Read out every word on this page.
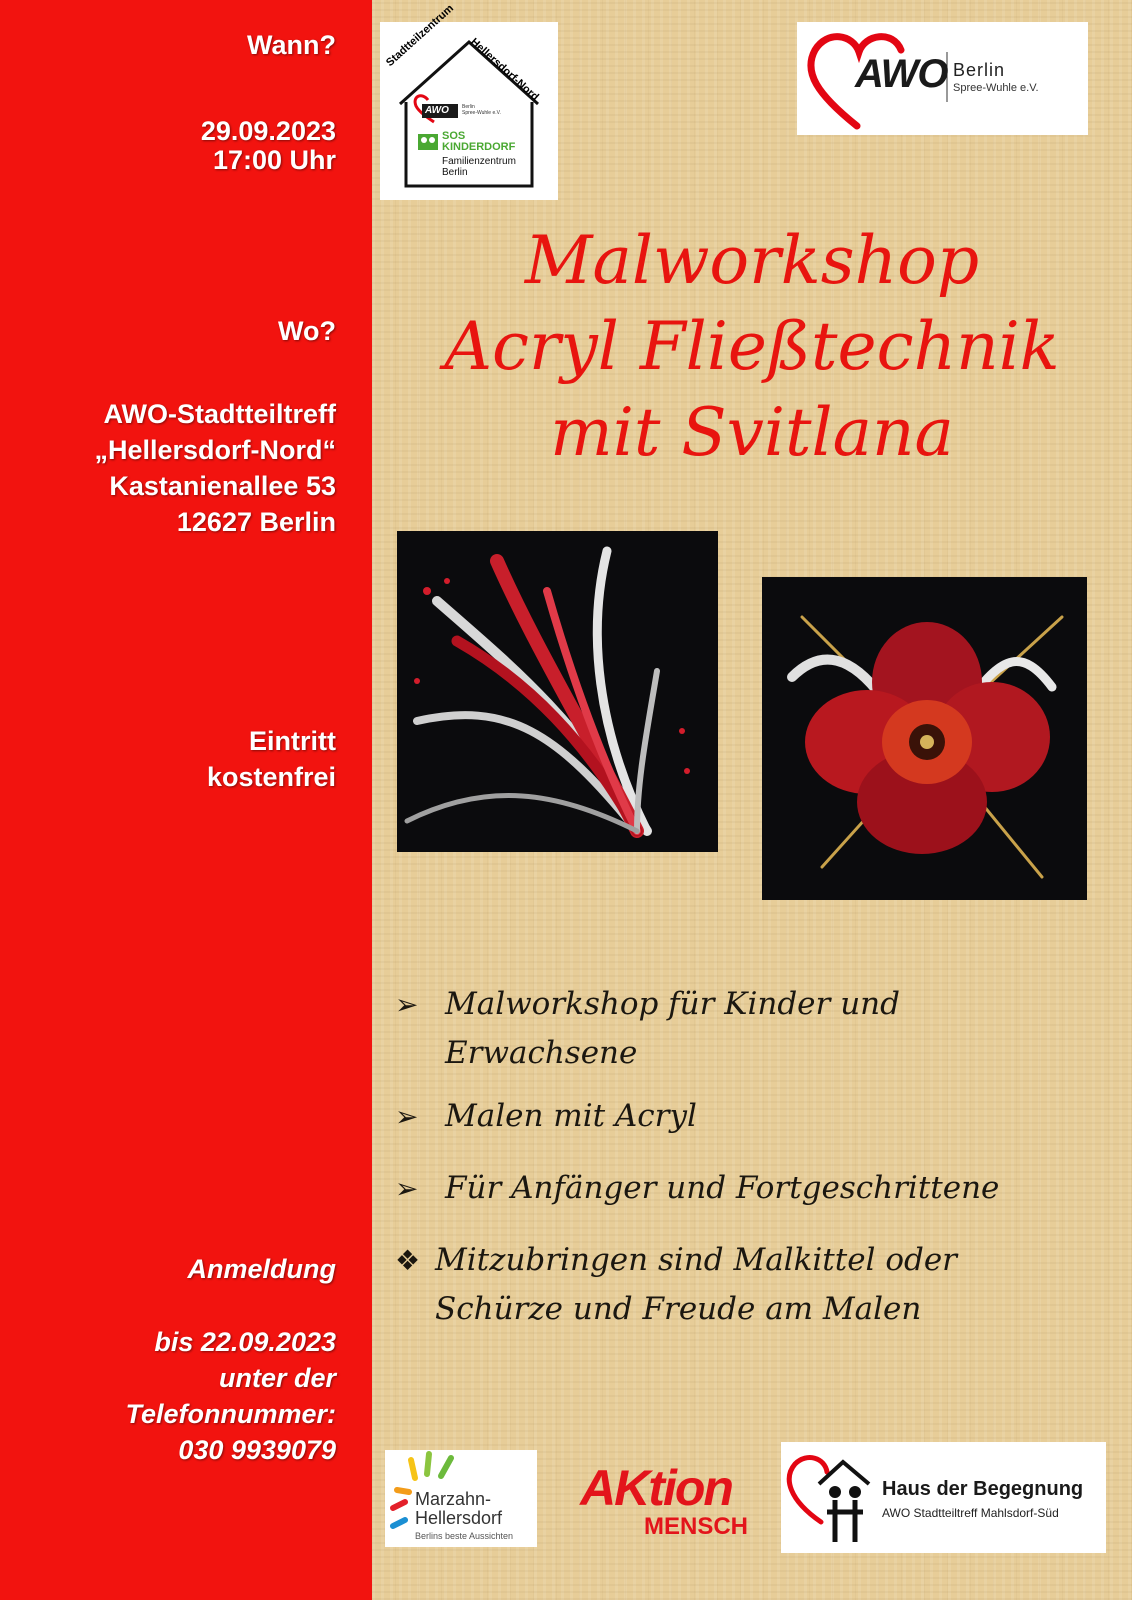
Wann?
29.09.2023
17:00 Uhr
Wo?
AWO-Stadtteiltreff
„Hellersdorf-Nord“
Kastanienallee 53
12627 Berlin
Eintritt
kostenfrei
Anmeldung
bis 22.09.2023
unter der
Telefonnummer:
030 9939079
Stadtteilzentrum
Hellersdorf-Nord
AWO	Berlin
Spree-Wuhle e.V.
SOS
KINDERDORF
Familienzentrum
Berlin
AWO Berlin
Spree-Wuhle e.V.
Malworkshop
Acryl Fließtechnik
mit Svitlana
➢ Malworkshop für Kinder und
Erwachsene
➢ Malen mit Acryl
➢ Für Anfänger und Fortgeschrittene
❖ Mitzubringen sind Malkittel oder
Schürze und Freude am Malen
Marzahn-
Hellersdorf
Berlins beste Aussichten
AKtion
MENSCH
Haus der Begegnung
AWO Stadtteiltreff Mahlsdorf-Süd
